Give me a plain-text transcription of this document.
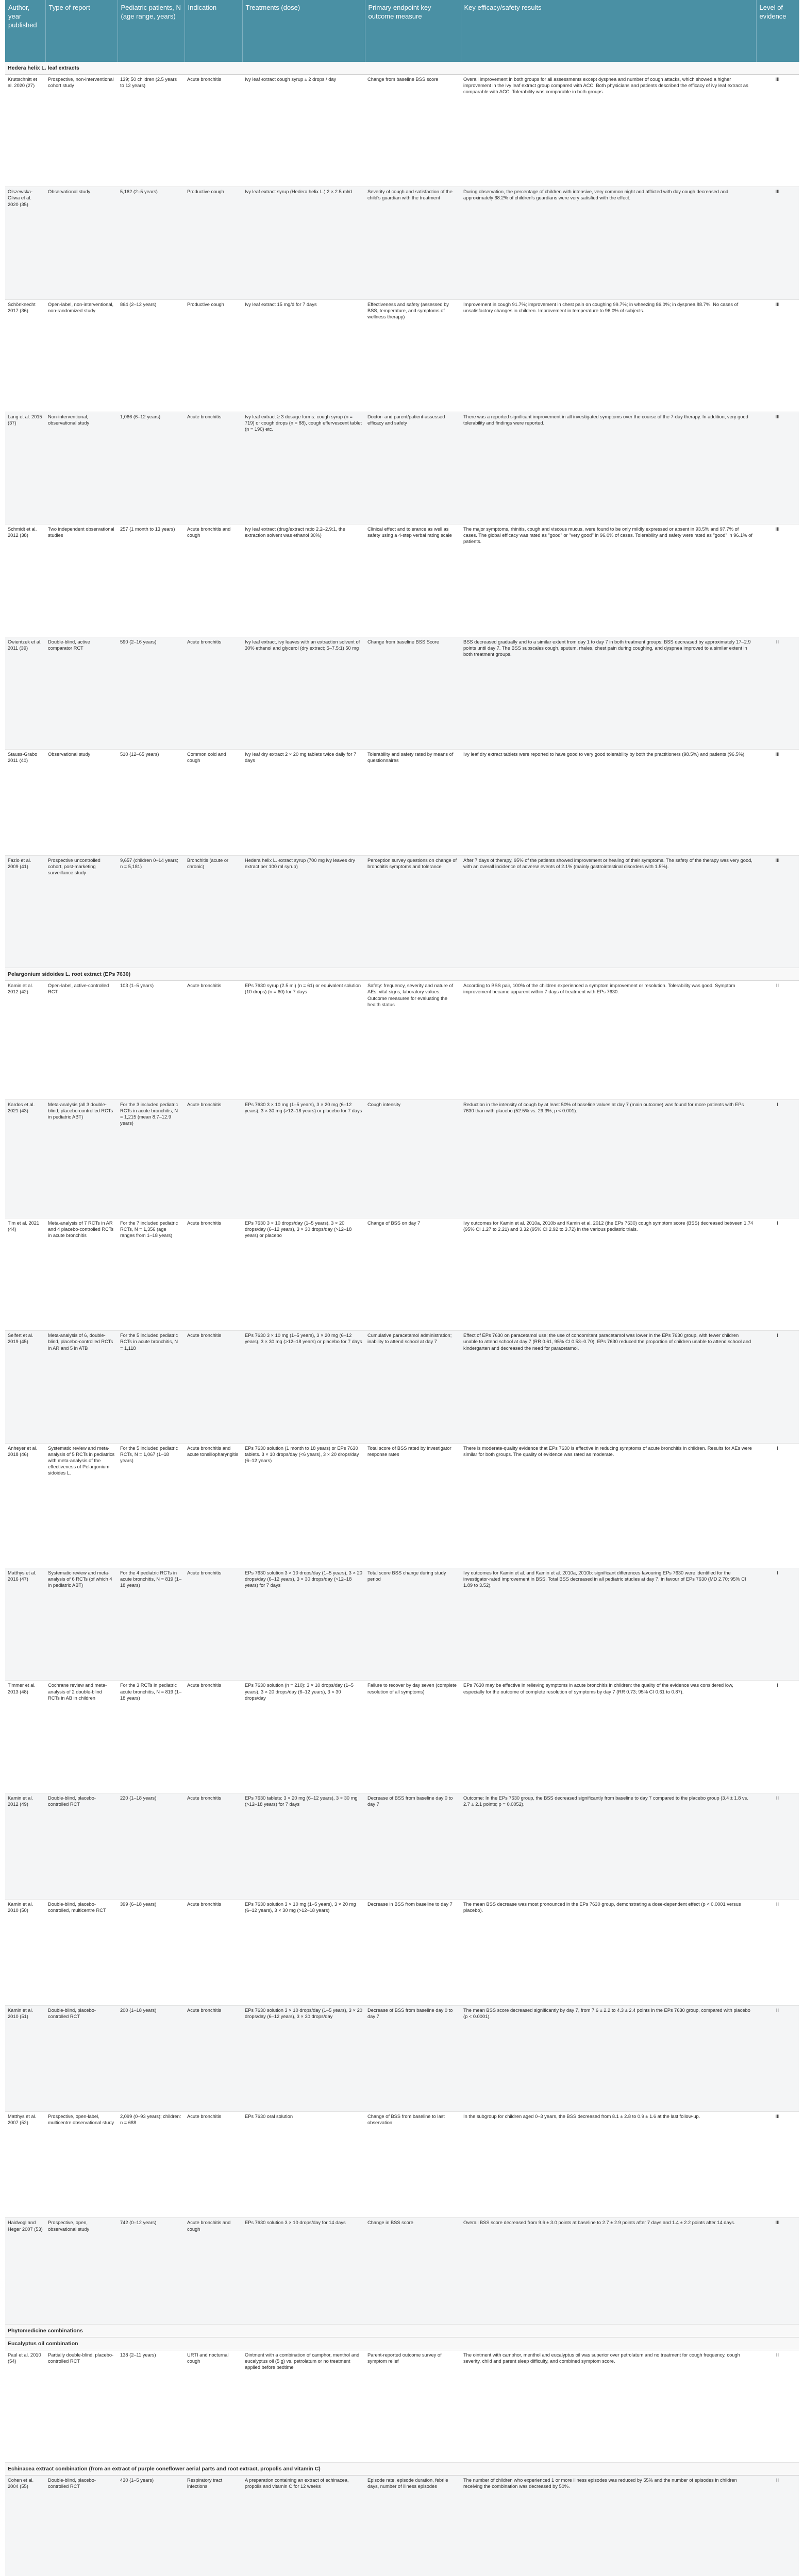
Author, year published	Type of report	Pediatric patients, N (age range, years)	Indication	Treatments (dose)	Primary endpoint key outcome measure	Key efficacy/safety results	Level of evidence
Hedera helix L. leaf extracts							
Kruttschnitt et al. 2020 (27)	Prospective, non-interventional cohort study	139; 50 children (2.5 years to 12 years)	Acute bronchitis	Ivy leaf extract cough syrup ± 2 drops / day	Change from baseline BSS score	Overall improvement in both groups for all assessments except dyspnea and number of cough attacks, which showed a higher improvement in the ivy leaf extract group compared with ACC. Both physicians and patients described the efficacy of ivy leaf extract as comparable with ACC. Tolerability was comparable in both groups.	III
Olszewska-Gliwa et al. 2020 (35)	Observational study	5,162 (2–5 years)	Productive cough	Ivy leaf extract syrup (Hedera helix L.) 2 × 2.5 ml/d	Severity of cough and satisfaction of the child's guardian with the treatment	During observation, the percentage of children with intensive, very common night and afflicted with day cough decreased and approximately 68.2% of children's guardians were very satisfied with the effect.	III
Schönknecht 2017 (36)	Open-label, non-interventional, non-randomized study	864 (2–12 years)	Productive cough	Ivy leaf extract 15 mg/d for 7 days	Effectiveness and safety (assessed by BSS, temperature, and symptoms of wellness therapy)	Improvement in cough 91.7%; improvement in chest pain on coughing 99.7%; in wheezing 86.0%; in dyspnea 88.7%. No cases of unsatisfactory changes in children. Improvement in temperature to 96.0% of subjects.	III
Lang et al. 2015 (37)	Non-interventional, observational study	1,066 (6–12 years)	Acute bronchitis	Ivy leaf extract ≥ 3 dosage forms: cough syrup (n = 719) or cough drops (n = 88), cough effervescent tablet (n = 190) etc.	Doctor- and parent/patient-assessed efficacy and safety	There was a reported significant improvement in all investigated symptoms over the course of the 7-day therapy. In addition, very good tolerability and findings were reported.	III
Schmidt et al. 2012 (38)	Two independent observational studies	257 (1 month to 13 years)	Acute bronchitis and cough	Ivy leaf extract (drug/extract ratio 2.2–2.9:1, the extraction solvent was ethanol 30%)	Clinical effect and tolerance as well as safety using a 4-step verbal rating scale	The major symptoms, rhinitis, cough and viscous mucus, were found to be only mildly expressed or absent in 93.5% and 97.7% of cases. The global efficacy was rated as "good" or "very good" in 96.0% of cases. Tolerability and safety were rated as "good" in 96.1% of patients.	III
Cwientzek et al. 2011 (39)	Double-blind, active comparator RCT	590 (2–16 years)	Acute bronchitis	Ivy leaf extract, ivy leaves with an extraction solvent of 30% ethanol and glycerol (dry extract; 5–7.5:1) 50 mg	Change from baseline BSS Score	BSS decreased gradually and to a similar extent from day 1 to day 7 in both treatment groups: BSS decreased by approximately 17–2.9 points until day 7. The BSS subscales cough, sputum, rhales, chest pain during coughing, and dyspnea improved to a similar extent in both treatment groups.	II
Stauss-Grabo 2011 (40)	Observational study	510 (12–65 years)	Common cold and cough	Ivy leaf dry extract 2 × 20 mg tablets twice daily for 7 days	Tolerability and safety rated by means of questionnaires	Ivy leaf dry extract tablets were reported to have good to very good tolerability by both the practitioners (98.5%) and patients (96.5%).	III
Fazio et al. 2009 (41)	Prospective uncontrolled cohort, post-marketing surveillance study	9,657 (children 0–14 years; n = 5,181)	Bronchitis (acute or chronic)	Hedera helix L. extract syrup (700 mg ivy leaves dry extract per 100 ml syrup)	Perception survey questions on change of bronchitis symptoms and tolerance	After 7 days of therapy, 95% of the patients showed improvement or healing of their symptoms. The safety of the therapy was very good, with an overall incidence of adverse events of 2.1% (mainly gastrointestinal disorders with 1.5%).	III
Pelargonium sidoides L. root extract (EPs 7630)							
Kamin et al. 2012 (42)	Open-label, active-controlled RCT	103 (1–5 years)	Acute bronchitis	EPs 7630 syrup (2.5 ml) (n = 61) or equivalent solution (10 drops) (n = 60) for 7 days	Safety: frequency, severity and nature of AEs; vital signs; laboratory values. Outcome measures for evaluating the health status	According to BSS pair, 100% of the children experienced a symptom improvement or resolution. Tolerability was good. Symptom improvement became apparent within 7 days of treatment with EPs 7630.	II
Kardos et al. 2021 (43)	Meta-analysis (all 3 double-blind, placebo-controlled RCTs in pediatric ABT)	For the 3 included pediatric RCTs in acute bronchitis, N = 1,215 (mean 8.7–12.9 years)	Acute bronchitis	EPs 7630 3 × 10 mg (1–5 years), 3 × 20 mg (6–12 years), 3 × 30 mg (>12–18 years) or placebo for 7 days	Cough intensity	Reduction in the intensity of cough by at least 50% of baseline values at day 7 (main outcome) was found for more patients with EPs 7630 than with placebo (52.5% vs. 29.3%; p < 0.001).	I
Tim et al. 2021 (44)	Meta-analysis of 7 RCTs in AR and 4 placebo-controlled RCTs in acute bronchitis	For the 7 included pediatric RCTs, N = 1,356 (age ranges from 1–18 years)	Acute bronchitis	EPs 7630 3 × 10 drops/day (1–5 years), 3 × 20 drops/day (6–12 years), 3 × 30 drops/day (>12–18 years) or placebo	Change of BSS on day 7	Ivy outcomes for Kamin et al. 2010a, 2010b and Kamin et al. 2012 (the EPs 7630) cough symptom score (BSS) decreased between 1.74 (95% CI 1.27 to 2.21) and 3.32 (95% CI 2.92 to 3.72) in the various pediatric trials.	I
Seifert et al. 2019 (45)	Meta-analysis of 6, double-blind, placebo-controlled RCTs in AR and 5 in ATB	For the 5 included pediatric RCTs in acute bronchitis, N = 1,118	Acute bronchitis	EPs 7630 3 × 10 mg (1–5 years), 3 × 20 mg (6–12 years), 3 × 30 mg (>12–18 years) or placebo for 7 days	Cumulative paracetamol administration; inability to attend school at day 7	Effect of EPs 7630 on paracetamol use: the use of concomitant paracetamol was lower in the EPs 7630 group, with fewer children unable to attend school at day 7 (RR 0.61, 95% CI 0.53–0.70). EPs 7630 reduced the proportion of children unable to attend school and kindergarten and decreased the need for paracetamol.	I
Anheyer et al. 2018 (46)	Systematic review and meta-analysis of 5 RCTs in pediatrics with meta-analysis of the effectiveness of Pelargonium sidoides L.	For the 5 included pediatric RCTs, N = 1,067 (1–18 years)	Acute bronchitis and acute tonsillopharyngitis	EPs 7630 solution (1 month to 18 years) or EPs 7630 tablets. 3 × 10 drops/day (<6 years), 3 × 20 drops/day (6–12 years)	Total score of BSS rated by investigator response rates	There is moderate-quality evidence that EPs 7630 is effective in reducing symptoms of acute bronchitis in children. Results for AEs were similar for both groups. The quality of evidence was rated as moderate.	I
Matthys et al. 2016 (47)	Systematic review and meta-analysis of 6 RCTs (of which 4 in pediatric ABT)	For the 4 pediatric RCTs in acute bronchitis, N = 819 (1–18 years)	Acute bronchitis	EPs 7630 solution 3 × 10 drops/day (1–5 years), 3 × 20 drops/day (6–12 years), 3 × 30 drops/day (>12–18 years) for 7 days	Total score BSS change during study period	Ivy outcomes for Kamin et al. and Kamin et al. 2010a, 2010b: significant differences favouring EPs 7630 were identified for the investigator-rated improvement in BSS. Total BSS decreased in all pediatric studies at day 7, in favour of EPs 7630 (MD 2.70; 95% CI 1.89 to 3.52).	I
Timmer et al. 2013 (48)	Cochrane review and meta-analysis of 2 double-blind RCTs in AB in children	For the 3 RCTs in pediatric acute bronchitis, N = 819 (1–18 years)	Acute bronchitis	EPs 7630 solution (n = 210): 3 × 10 drops/day (1–5 years), 3 × 20 drops/day (6–12 years), 3 × 30 drops/day	Failure to recover by day seven (complete resolution of all symptoms)	EPs 7630 may be effective in relieving symptoms in acute bronchitis in children: the quality of the evidence was considered low, especially for the outcome of complete resolution of symptoms by day 7 (RR 0.73; 95% CI 0.61 to 0.87).	I
Kamin et al. 2012 (49)	Double-blind, placebo-controlled RCT	220 (1–18 years)	Acute bronchitis	EPs 7630 tablets: 3 × 20 mg (6–12 years), 3 × 30 mg (>12–18 years) for 7 days	Decrease of BSS from baseline day 0 to day 7	Outcome: In the EPs 7630 group, the BSS decreased significantly from baseline to day 7 compared to the placebo group (3.4 ± 1.8 vs. 2.7 ± 2.1 points; p = 0.0052).	II
Kamin et al. 2010 (50)	Double-blind, placebo-controlled, multicentre RCT	399 (6–18 years)	Acute bronchitis	EPs 7630 solution 3 × 10 mg (1–5 years), 3 × 20 mg (6–12 years), 3 × 30 mg (>12–18 years)	Decrease in BSS from baseline to day 7	The mean BSS decrease was most pronounced in the EPs 7630 group, demonstrating a dose-dependent effect (p < 0.0001 versus placebo).	II
Kamin et al. 2010 (51)	Double-blind, placebo-controlled RCT	200 (1–18 years)	Acute bronchitis	EPs 7630 solution 3 × 10 drops/day (1–5 years), 3 × 20 drops/day (6–12 years), 3 × 30 drops/day	Decrease of BSS from baseline day 0 to day 7	The mean BSS score decreased significantly by day 7, from 7.6 ± 2.2 to 4.3 ± 2.4 points in the EPs 7630 group, compared with placebo (p < 0.0001).	II
Matthys et al. 2007 (52)	Prospective, open-label, multicentre observational study	2,099 (0–93 years); children: n = 688	Acute bronchitis	EPs 7630 oral solution	Change of BSS from baseline to last observation	In the subgroup for children aged 0–3 years, the BSS decreased from 8.1 ± 2.8 to 0.9 ± 1.6 at the last follow-up.	III
Haidvogl and Heger 2007 (53)	Prospective, open, observational study	742 (0–12 years)	Acute bronchitis and cough	EPs 7630 solution 3 × 10 drops/day for 14 days	Change in BSS score	Overall BSS score decreased from 9.6 ± 3.0 points at baseline to 2.7 ± 2.9 points after 7 days and 1.4 ± 2.2 points after 14 days.	III
Phytomedicine combinations							
Eucalyptus oil combination							
Paul et al. 2010 (54)	Partially double-blind, placebo-controlled RCT	138 (2–11 years)	URTI and nocturnal cough	Ointment with a combination of camphor, menthol and eucalyptus oil (5 g) vs. petrolatum or no treatment applied before bedtime	Parent-reported outcome survey of symptom relief	The ointment with camphor, menthol and eucalyptus oil was superior over petrolatum and no treatment for cough frequency, cough severity, child and parent sleep difficulty, and combined symptom score.	II
Echinacea extract combination (from an extract of purple coneflower aerial parts and root extract, propolis and vitamin C)							
Cohen et al. 2004 (55)	Double-blind, placebo-controlled RCT	430 (1–5 years)	Respiratory tract infections	A preparation containing an extract of echinacea, propolis and vitamin C for 12 weeks	Episode rate, episode duration, febrile days, number of illness episodes	The number of children who experienced 1 or more illness episodes was reduced by 55% and the number of episodes in children receiving the combination was decreased by 50%.	II
